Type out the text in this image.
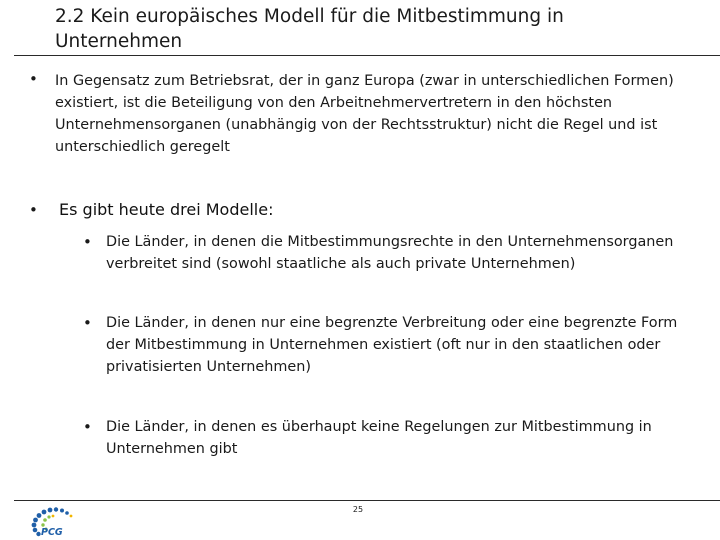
2.2 Kein europäisches Modell für die Mitbestimmung in
Unternehmen
• In Gegensatz zum Betriebsrat, der in ganz Europa (zwar in unterschiedlichen Formen)
existiert, ist die Beteiligung von den Arbeitnehmervertretern in den höchsten
Unternehmensorganen (unabhängig von der Rechtsstruktur) nicht die Regel und ist
unterschiedlich geregelt
• Es gibt heute drei Modelle:
• Die Länder, in denen die Mitbestimmungsrechte in den Unternehmensorganen
verbreitet sind (sowohl staatliche als auch private Unternehmen)
• Die Länder, in denen nur eine begrenzte Verbreitung oder eine begrenzte Form
der Mitbestimmung in Unternehmen existiert (oft nur in den staatlichen oder
privatisierten Unternehmen)
• Die Länder, in denen es überhaupt keine Regelungen zur Mitbestimmung in
Unternehmen gibt
25
PCG
